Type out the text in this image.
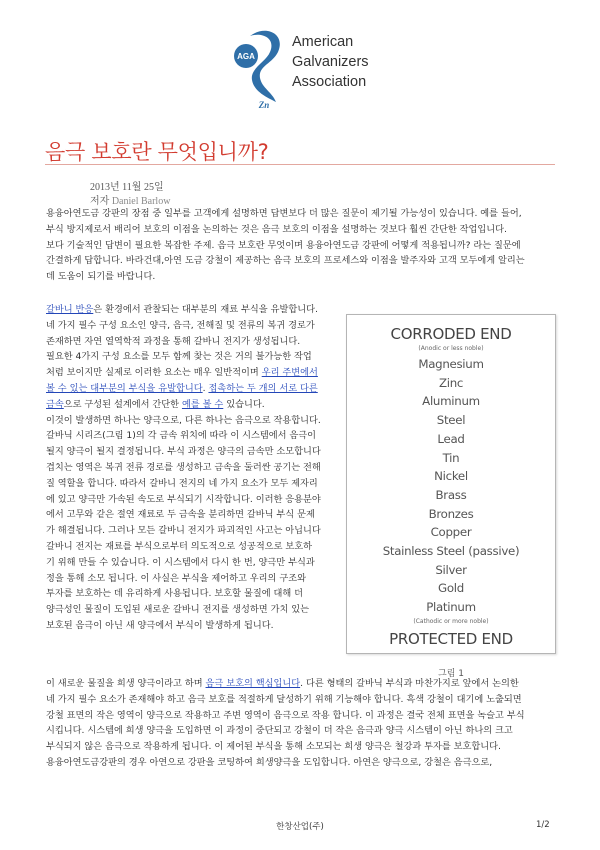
AGA
Zn
American
Galvanizers
Association
음극 보호란 무엇입니까?
2013년 11월 25일
저자 Daniel Barlow
용융아연도금 강판의 장점 중 일부를 고객에게 설명하면 답변보다 더 많은 질문이 제기될 가능성이 있습니다. 예를 들어,
부식 방지제로서 배리어 보호의 이점을 논의하는 것은 음극 보호의 이점을 설명하는 것보다 훨씬 간단한 작업입니다.
보다 기술적인 답변이 필요한 복잡한 주제. 음극 보호란 무엇이며 용융아연도금 강판에 어떻게 적용됩니까? 라는 질문에
간결하게 답합니다. 바라건대,아연 도금 강철이 제공하는 음극 보호의 프로세스와 이점을 발주자와 고객 모두에게 알리는
데 도움이 되기를 바랍니다.
갈바니 반응은 환경에서 관찰되는 대부분의 재료 부식을 유발합니다.
네 가지 필수 구성 요소인 양극, 음극, 전해질 및 전류의 복귀 경로가
존재하면 자연 열역학적 과정을 통해 갈바니 전지가 생성됩니다.
필요한 4가지 구성 요소를 모두 함께 찾는 것은 거의 불가능한 작업
처럼 보이지만 실제로 이러한 요소는 매우 일반적이며 우리 주변에서
볼 수 있는 대부분의 부식을 유발합니다. 접촉하는 두 개의 서로 다른
금속으로 구성된 설계에서 간단한 예를 볼 수 있습니다.
이것이 발생하면 하나는 양극으로, 다른 하나는 음극으로 작용합니다.
갈바닉 시리즈(그림 1)의 각 금속 위치에 따라 이 시스템에서 음극이
될지 양극이 될지 결정됩니다. 부식 과정은 양극의 금속만 소모합니다
겹치는 영역은 복귀 전류 경로를 생성하고 금속을 둘러싼 공기는 전해
질 역할을 합니다. 따라서 갈바니 전지의 네 가지 요소가 모두 제자리
에 있고 양극만 가속된 속도로 부식되기 시작합니다. 이러한 응용분야
에서 고무와 같은 절연 재료로 두 금속을 분리하면 갈바닉 부식 문제
가 해결됩니다. 그러나 모든 갈바니 전지가 파괴적인 사고는 아닙니다
갈바니 전지는 재료를 부식으로부터 의도적으로 성공적으로 보호하
기 위해 만들 수 있습니다. 이 시스템에서 다시 한 번, 양극만 부식과
정을 통해 소모 됩니다. 이 사실은 부식을 제어하고 우리의 구조와
투자를 보호하는 데 유리하게 사용됩니다. 보호할 물질에 대해 더
양극성인 물질이 도입된 새로운 갈바니 전지를 생성하면 가치 있는
보호된 음극이 아닌 새 양극에서 부식이 발생하게 됩니다.
CORRODED END
(Anodic or less noble)
Magnesium
Zinc
Aluminum
Steel
Lead
Tin
Nickel
Brass
Bronzes
Copper
Stainless Steel (passive)
Silver
Gold
Platinum
(Cathodic or more noble)
PROTECTED END
그림 1
이 새로운 물질을 희생 양극이라고 하며 음극 보호의 핵심입니다. 다른 형태의 갈바닉 부식과 마찬가지로 앞에서 논의한
네 가지 필수 요소가 존재해야 하고 음극 보호를 적절하게 달성하기 위해 기능해야 합니다. 흑색 강철이 대기에 노출되면
강철 표면의 작은 영역이 양극으로 작용하고 주변 영역이 음극으로 작용 합니다. 이 과정은 결국 전체 표면을 녹슬고 부식
시킵니다. 시스템에 희생 양극을 도입하면 이 과정이 중단되고 강철이 더 작은 음극과 양극 시스템이 아닌 하나의 크고
부식되지 않은 음극으로 작용하게 됩니다. 이 제어된 부식을 통해 소모되는 희생 양극은 철강과 투자를 보호합니다.
용융아연도금강판의 경우 아연으로 강판을 코팅하여 희생양극을 도입합니다. 아연은 양극으로, 강철은 음극으로,
한창산업(주)	1/2
